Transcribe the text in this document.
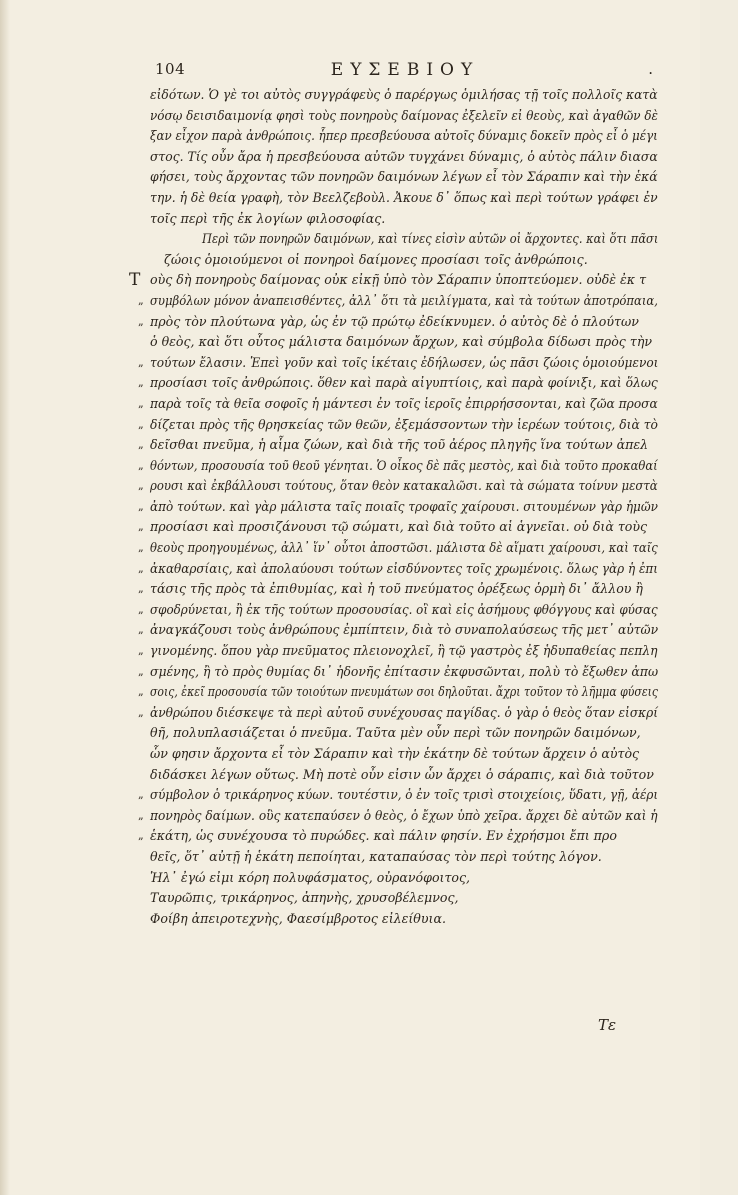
104	ΕΥΣΕΒΙΟΥ	.
εἰδότων. Ὁ γὲ τοι αὐτὸς συγγράφεὺς ὁ παρέργως ὁμιλήσας τῇ τοῖς πολλοῖς κατὰ
νόσῳ δεισιδαιμονίᾳ φησὶ τοὺς πονηροὺς δαίμονας ἐξελεῖν εἰ θεοὺς, καὶ ἀγαθῶν δὲ
ξαν εἶχον παρὰ ἀνθρώποις. ἧπερ πρεσβεύουσα αὐτοῖς δύναμις δοκεῖν πρὸς εἶ ὁ μέγι
στος. Τίς οὖν ἄρα ἡ πρεσβεύουσα αὐτῶν τυγχάνει δύναμις, ὁ αὐτὸς πάλιν διασα
φήσει, τοὺς ἄρχοντας τῶν πονηρῶν δαιμόνων λέγων εἶ τὸν Σάραπιν καὶ τὴν ἑκά
την. ἡ δὲ θεία γραφὴ, τὸν Βεελζεβοὺλ. Ἀκουε δ᾽ ὅπως καὶ περὶ τούτων γράφει ἐν
τοῖς περὶ τῆς ἐκ λογίων φιλοσοφίας.
Περὶ τῶν πονηρῶν δαιμόνων, καὶ τίνες εἰσὶν αὐτῶν οἱ ἄρχοντες. καὶ ὅτι πᾶσι
ζώοις ὁμοιούμενοι οἱ πονηροὶ δαίμονες προσίασι τοῖς ἀνθρώποις.
T οὺς δὴ πονηροὺς δαίμονας οὐκ εἰκῇ ὑπὸ τὸν Σάραπιν ὑποπτεύομεν. οὐδὲ ἐκ τ
„ συμβόλων μόνον ἀναπεισθέντες, ἀλλ᾽ ὅτι τὰ μειλίγματα, καὶ τὰ τούτων ἀποτρόπαια,
„ πρὸς τὸν πλούτωνα γὰρ, ὡς ἐν τῷ πρώτῳ ἐδείκνυμεν. ὁ αὐτὸς δὲ ὁ πλούτων
ὁ θεὸς, καὶ ὅτι οὗτος μάλιστα δαιμόνων ἄρχων, καὶ σύμβολα δίδωσι πρὸς τὴν
„ τούτων ἔλασιν. Ἐπεὶ γοῦν καὶ τοῖς ἱκέταις ἐδήλωσεν, ὡς πᾶσι ζώοις ὁμοιούμενοι
„ προσίασι τοῖς ἀνθρώποις. ὅθεν καὶ παρὰ αἰγυπτίοις, καὶ παρὰ φοίνιξι, καὶ ὅλως
„ παρὰ τοῖς τὰ θεῖα σοφοῖς ἡ μάντεσι ἐν τοῖς ἱεροῖς ἐπιρρήσσονται, καὶ ζῶα προσα
„ δίζεται πρὸς τῆς θρησκείας τῶν θεῶν, ἐξεμάσσοντων τὴν ἱερέων τούτοις, διὰ τὸ
„ δεῖσθαι πνεῦμα, ἡ αἷμα ζώων, καὶ διὰ τῆς τοῦ ἀέρος πληγῆς ἵνα τούτων ἀπελ
„ θόντων, προσουσία τοῦ θεοῦ γένηται. Ὁ οἶκος δὲ πᾶς μεστὸς, καὶ διὰ τοῦτο προκαθαί
„ ρουσι καὶ ἐκβάλλουσι τούτους, ὅταν θεὸν κατακαλῶσι. καὶ τὰ σώματα τοίνυν μεστὰ
„ ἀπὸ τούτων. καὶ γὰρ μάλιστα ταῖς ποιαῖς τροφαῖς χαίρουσι. σιτουμένων γὰρ ἡμῶν
„ προσίασι καὶ προσιζάνουσι τῷ σώματι, καὶ διὰ τοῦτο αἱ ἁγνεῖαι. οὐ διὰ τοὺς
„ θεοὺς προηγουμένως, ἀλλ᾽ ἵν᾽ οὗτοι ἀποστῶσι. μάλιστα δὲ αἵματι χαίρουσι, καὶ ταῖς
„ ἀκαθαρσίαις, καὶ ἀπολαύουσι τούτων εἰσδύνοντες τοῖς χρωμένοις. ὅλως γὰρ ἡ ἐπι
„ τάσις τῆς πρὸς τὰ ἐπιθυμίας, καὶ ἡ τοῦ πνεύματος ὀρέξεως ὁρμὴ δι᾽ ἄλλου ἢ
„ σφοδρύνεται, ἢ ἐκ τῆς τούτων προσουσίας. οἳ καὶ εἰς ἀσήμους φθόγγους καὶ φύσας
„ ἀναγκάζουσι τοὺς ἀνθρώπους ἐμπίπτειν, διὰ τὸ συναπολαύσεως τῆς μετ᾽ αὐτῶν
„ γινομένης. ὅπου γὰρ πνεῦματος πλειονοχλεῖ, ἢ τῷ γαστρὸς ἐξ ἡδυπαθείας πεπλη
„ σμένης, ἢ τὸ πρὸς θυμίας δι᾽ ἡδονῆς ἐπίτασιν ἐκφυσῶνται, πολὺ τὸ ἔξωθεν ἀπω
„ σοις, ἐκεῖ προσουσία τῶν τοιούτων πνευμάτων σοι δηλοῦται. ἄχρι τοῦτον τὸ λῆμμα φύσεις
„ ἀνθρώπου διέσκεψε τὰ περὶ αὐτοῦ συνέχουσας παγίδας. ὁ γὰρ ὁ θεὸς ὅταν εἰσκρί
θῆ, πολυπλασιάζεται ὁ πνεῦμα. Ταῦτα μὲν οὖν περὶ τῶν πονηρῶν δαιμόνων,
ὧν φησιν ἄρχοντα εἶ τὸν Σάραπιν καὶ τὴν ἑκάτην δὲ τούτων ἄρχειν ὁ αὐτὸς
διδάσκει λέγων οὕτως. Μὴ ποτὲ οὖν εἰσιν ὧν ἄρχει ὁ σάραπις, καὶ διὰ τοῦτον
„ σύμβολον ὁ τρικάρηνος κύων. τουτέστιν, ὁ ἐν τοῖς τρισὶ στοιχείοις, ὕδατι, γῇ, ἀέρι
„ πονηρὸς δαίμων. οὓς κατεπαύσεν ὁ θεὸς, ὁ ἔχων ὑπὸ χεῖρα. ἄρχει δὲ αὐτῶν καὶ ἡ
„ ἑκάτη, ὡς συνέχουσα τὸ πυρώδες. καὶ πάλιν φησίν. Εν ἐχρήσμοι ἔπι προ
θεῖς, ὅτ᾽ αὐτῇ ἡ ἑκάτη πεποίηται, καταπαύσας τὸν περὶ τούτης λόγον.
Ἠλ᾽ ἐγώ εἰμι κόρη πολυφάσματος, οὐρανόφοιτος,
Ταυρῶπις, τρικάρηνος, ἀπηνὴς, χρυσοβέλεμνος,
Φοίβη ἀπειροτεχνὴς, Φαεσίμβροτος εἰλείθυια.
Τε
